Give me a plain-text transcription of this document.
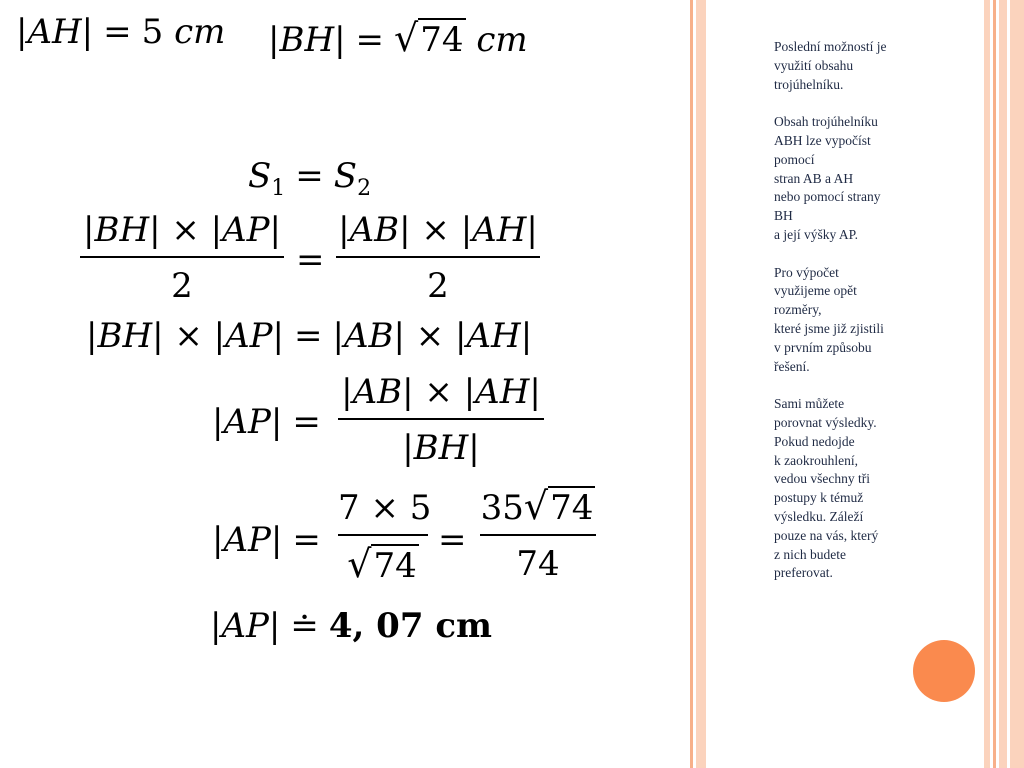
|AH| = 5 cm |BH| = √74 cm
$S_1 = S_2$
|BH| × |AP|
2
=
|AB| × |AH|
2
|BH| × |AP| = |AB| × |AH|
|AP| =
|AB| × |AH|
|BH|
|AP| =
7 × 5
√74
=
35√74
74
|AP| ≐ 4, 07 cm

Poslední možností je
využití obsahu
trojúhelníku.

Obsah trojúhelníku
ABH lze vypočíst
pomocí
stran AB a AH
nebo pomocí strany
BH
a její výšky AP.

Pro výpočet
využijeme opět
rozměry,
které jsme již zjistili
v prvním způsobu
řešení.

Sami můžete
porovnat výsledky.
Pokud nedojde
k zaokrouhlení,
vedou všechny tři
postupy k témuž
výsledku. Záleží
pouze na vás, který
z nich budete
preferovat.
